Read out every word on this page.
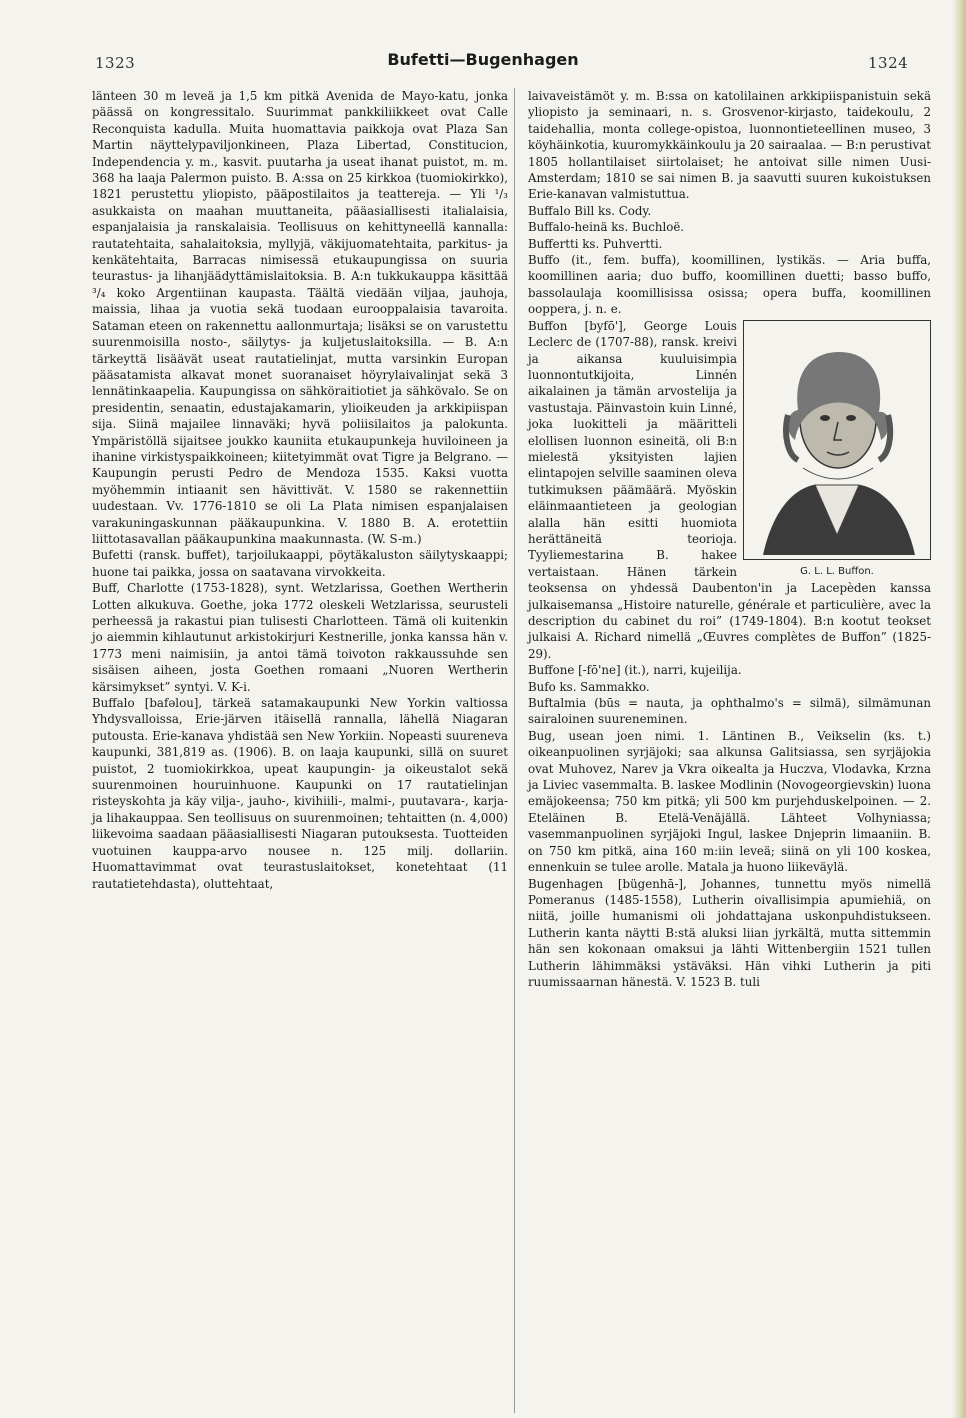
1323	Bufetti—Bugenhagen	1324

länteen 30 m leveä ja 1,5 km pitkä Avenida de Mayo-katu, jonka päässä on kongressitalo. Suurimmat pankkiliikkeet ovat Calle Reconquista kadulla. Muita huomattavia paikkoja ovat Plaza San Martin näyttelypaviljonkineen, Plaza Libertad, Constitucion, Independencia y. m., kasvit. puutarha ja useat ihanat puistot, m. m. 368 ha laaja Palermon puisto. B. A:ssa on 25 kirkkoa (tuomiokirkko), 1821 perustettu yliopisto, pääpostilaitos ja teattereja. — Yli ¹/₃ asukkaista on maahan muuttaneita, pääasiallisesti italialaisia, espanjalaisia ja ranskalaisia. Teollisuus on kehittyneellä kannalla: rautatehtaita, sahalaitoksia, myllyjä, väkijuomatehtaita, parkitus- ja kenkätehtaita, Barracas nimisessä etukaupungissa on suuria teurastus- ja lihanjäädyttämislaitoksia. B. A:n tukkukauppa käsittää ³/₄ koko Argentiinan kaupasta. Täältä viedään viljaa, jauhoja, maissia, lihaa ja vuotia sekä tuodaan eurooppalaisia tavaroita. Sataman eteen on rakennettu aallonmurtaja; lisäksi se on varustettu suurenmoisilla nosto-, säilytys- ja kuljetuslaitoksilla. — B. A:n tärkeyttä lisäävät useat rautatielinjat, mutta varsinkin Europan pääsatamista alkavat monet suoranaiset höyrylaivalinjat sekä 3 lennätinkaapelia. Kaupungissa on sähköraitiotiet ja sähkövalo. Se on presidentin, senaatin, edustajakamarin, ylioikeuden ja arkkipiispan sija. Siinä majailee linnaväki; hyvä poliisilaitos ja palokunta. Ympäristöllä sijaitsee joukko kauniita etukaupunkeja huviloineen ja ihanine virkistyspaikkoineen; kiitetyimmät ovat Tigre ja Belgrano. — Kaupungin perusti Pedro de Mendoza 1535. Kaksi vuotta myöhemmin intiaanit sen hävittivät. V. 1580 se rakennettiin uudestaan. Vv. 1776-1810 se oli La Plata nimisen espanjalaisen varakuningaskunnan pääkaupunkina. V. 1880 B. A. erotettiin liittotasavallan pääkaupunkina maakunnasta. (W. S-m.)

Bufetti (ransk. buffet), tarjoilukaappi, pöytäkaluston säilytyskaappi; huone tai paikka, jossa on saatavana virvokkeita.

Buff, Charlotte (1753-1828), synt. Wetzlarissa, Goethen Wertherin Lotten alkukuva. Goethe, joka 1772 oleskeli Wetzlarissa, seurusteli perheessä ja rakastui pian tulisesti Charlotteen. Tämä oli kuitenkin jo aiemmin kihlautunut arkistokirjuri Kestnerille, jonka kanssa hän v. 1773 meni naimisiin, ja antoi tämä toivoton rakkaussuhde sen sisäisen aiheen, josta Goethen romaani „Nuoren Wertherin kärsimykset” syntyi. V. K-i.

Buffalo [bafəlou], tärkeä satamakaupunki New Yorkin valtiossa Yhdysvalloissa, Erie-järven itäisellä rannalla, lähellä Niagaran putousta. Erie-kanava yhdistää sen New Yorkiin. Nopeasti suureneva kaupunki, 381,819 as. (1906). B. on laaja kaupunki, sillä on suuret puistot, 2 tuomiokirkkoa, upeat kaupungin- ja oikeustalot sekä suurenmoinen houruinhuone. Kaupunki on 17 rautatielinjan risteyskohta ja käy vilja-, jauho-, kivihiili-, malmi-, puutavara-, karja- ja lihakauppaa. Sen teollisuus on suurenmoinen; tehtaitten (n. 4,000) liikevoima saadaan pääasiallisesti Niagaran putouksesta. Tuotteiden vuotuinen kauppa-arvo nousee n. 125 milj. dollariin. Huomattavimmat ovat teurastuslaitokset, konetehtaat (11 rautatietehdasta), oluttehtaat,

laivaveistämöt y. m. B:ssa on katolilainen arkkipiispanistuin sekä yliopisto ja seminaari, n. s. Grosvenor-kirjasto, taidekoulu, 2 taidehallia, monta college-opistoa, luonnontieteellinen museo, 3 köyhäinkotia, kuuromykkäinkoulu ja 20 sairaalaa. — B:n perustivat 1805 hollantilaiset siirtolaiset; he antoivat sille nimen Uusi-Amsterdam; 1810 se sai nimen B. ja saavutti suuren kukoistuksen Erie-kanavan valmistuttua.

Buffalo Bill ks. Cody.

Buffalo-heinä ks. Buchloë.

Buffertti ks. Puhvertti.

Buffo (it., fem. buffa), koomillinen, lystikäs. — Aria buffa, koomillinen aaria; duo buffo, koomillinen duetti; basso buffo, bassolaulaja koomillisissa osissa; opera buffa, koomillinen ooppera, j. n. e.

G. L. L. Buffon.

Buffon [byfō'], George Louis Leclerc de (1707-88), ransk. kreivi ja aikansa kuuluisimpia luonnontutkijoita, Linnén aikalainen ja tämän arvostelija ja vastustaja. Päinvastoin kuin Linné, joka luokitteli ja määritteli elollisen luonnon esineitä, oli B:n mielestä yksityisten lajien elintapojen selville saaminen oleva tutkimuksen päämäärä. Myöskin eläinmaantieteen ja geologian alalla hän esitti huomiota herättäneitä teorioja. Tyyliemestarina B. hakee vertaistaan. Hänen tärkein teoksensa on yhdessä Daubenton'in ja Lacepèden kanssa julkaisemansa „Histoire naturelle, générale et particulière, avec la description du cabinet du roi” (1749-1804). B:n kootut teokset julkaisi A. Richard nimellä „Œuvres complètes de Buffon” (1825-29).

Buffone [-fō'ne] (it.), narri, kujeilija.

Bufo ks. Sammakko.

Buftalmia (būs = nauta, ja ophthalmo's = silmä), silmämunan sairaloinen suureneminen.

Bug, usean joen nimi. 1. Läntinen B., Veikselin (ks. t.) oikeanpuolinen syrjäjoki; saa alkunsa Galitsiassa, sen syrjäjokia ovat Muhovez, Narev ja Vkra oikealta ja Huczva, Vlodavka, Krzna ja Liviec vasemmalta. B. laskee Modlinin (Novogeorgievskin) luona emäjokeensa; 750 km pitkä; yli 500 km purjehduskelpoinen. — 2. Eteläinen B. Etelä-Venäjällä. Lähteet Volhyniassa; vasemmanpuolinen syrjäjoki Ingul, laskee Dnjeprin limaaniin. B. on 750 km pitkä, aina 160 m:iin leveä; siinä on yli 100 koskea, ennenkuin se tulee arolle. Matala ja huono liikeväylä.

Bugenhagen [bügenhā-], Johannes, tunnettu myös nimellä Pomeranus (1485-1558), Lutherin oivallisimpia apumiehiä, on niitä, joille humanismi oli johdattajana uskonpuhdistukseen. Lutherin kanta näytti B:stä aluksi liian jyrkältä, mutta sittemmin hän sen kokonaan omaksui ja lähti Wittenbergiin 1521 tullen Lutherin lähimmäksi ystäväksi. Hän vihki Lutherin ja piti ruumissaarnan hänestä. V. 1523 B. tuli
